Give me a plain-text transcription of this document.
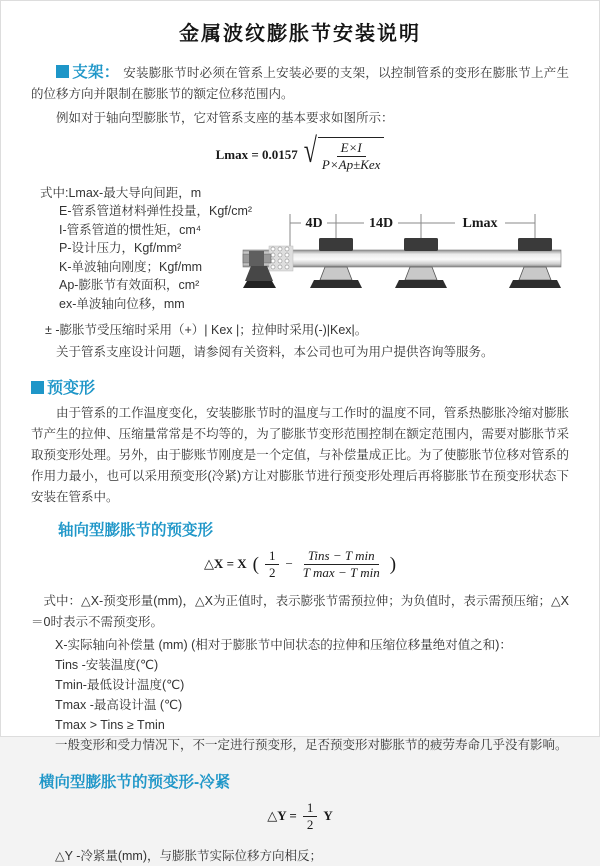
金属波纹膨胀节安装说明

支架： 安装膨胀节时必须在管系上安装必要的支架，以控制管系的变形在膨胀节上产生的位移方向并限制在膨胀节的额定位移范围内。

例如对于轴向型膨胀节，它对管系支座的基本要求如图所示：

Lmax = 0.0157 √ $\frac{E\times I}{\text{P×Ap±Kex}}$
式中:Lmax-最大导向间距，m
E-管系管道材料弹性投量，Kgf/cm²
I-管系管道的惯性矩，cm⁴
P-设计压力，Kgf/mm²
K-单波轴向刚度；Kgf/mm
Ap-膨胀节有效面积，cm²
ex-单波轴向位移，mm
4D	14D	Lmax

± -膨胀节受压缩时采用（+）| Kex |；拉伸时采用(-)|Kex|。

关于管系支座设计问题，请参阅有关资料，本公司也可为用户提供咨询等服务。

预变形

由于管系的工作温度变化，安装膨胀节时的温度与工作时的温度不同，管系热膨胀冷缩对膨胀节产生的拉伸、压缩量常常是不均等的，为了膨胀节变形范围控制在额定范围内，需要对膨胀节采取预变形处理。另外，由于膨账节刚度是一个定值，与补偿量成正比。为了使膨胀节位移对管系的作用力最小，也可以采用预变形(冷紧)方让对膨胀节进行预变形处理后再将膨胀节在预变形状态下安装在管系中。

轴向型膨胀节的预变形
△X = X ( $\frac{1}{2} - \frac{\text{Tins − T min}}{\text{T max − T min}}$ )

式中：△X-预变形量(mm)，△X为正值时，表示膨张节需预拉伸；为负值时，表示需预压缩；△X＝0时表示不需预变形。

X-实际轴向补偿量 (mm) (相对于膨胀节中间状态的拉伸和压缩位移量绝对值之和)：
Tins -安装温度(℃)
Tmin-最低设计温度(℃)
Tmax -最高设计温 (℃)
Tmax > Tins ≥ Tmin
一般变形和受力情况下，不一定进行预变形，足否预变形对膨胀节的疲劳寿命几乎没有影响。
横向型膨胀节的预变形-冷紧
△Y = $\frac{1}{2}$ Y

△Y -冷紧量(mm)，与膨胀节实际位移方向相反；
